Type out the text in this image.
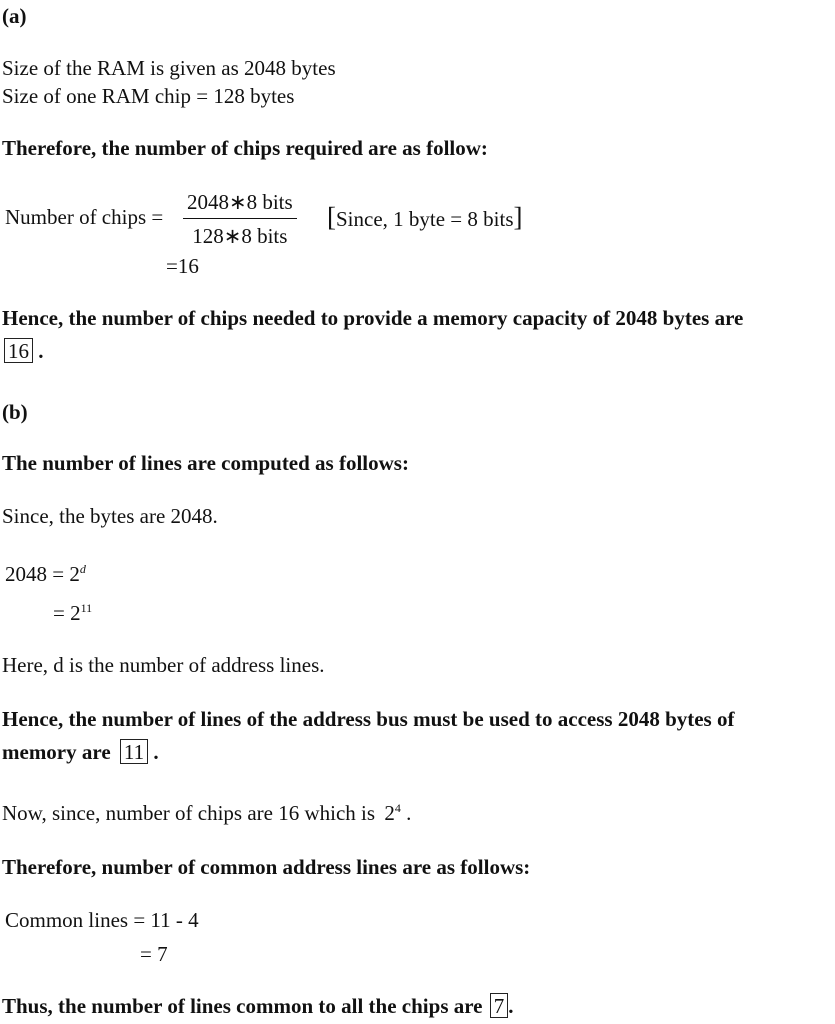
(a)
Size of the RAM is given as 2048 bytes
Size of one RAM chip = 128 bytes
Therefore, the number of chips required are as follow:
Number of chips =
2048∗8 bits
128∗8 bits
[Since, 1 byte = 8 bits]
=16
Hence, the number of chips needed to provide a memory capacity of 2048 bytes are
16 .
(b)
The number of lines are computed as follows:
Since, the bytes are 2048.
$2048 = 2^d$
= $2^{11}$
Here, d is the number of address lines.
Hence, the number of lines of the address bus must be used to access 2048 bytes of
memory are 11 .
Now, since, number of chips are 16 which is $2^4$ .
Therefore, number of common address lines are as follows:
Common lines = 11 - 4
= 7
Thus, the number of lines common to all the chips are 7 .
